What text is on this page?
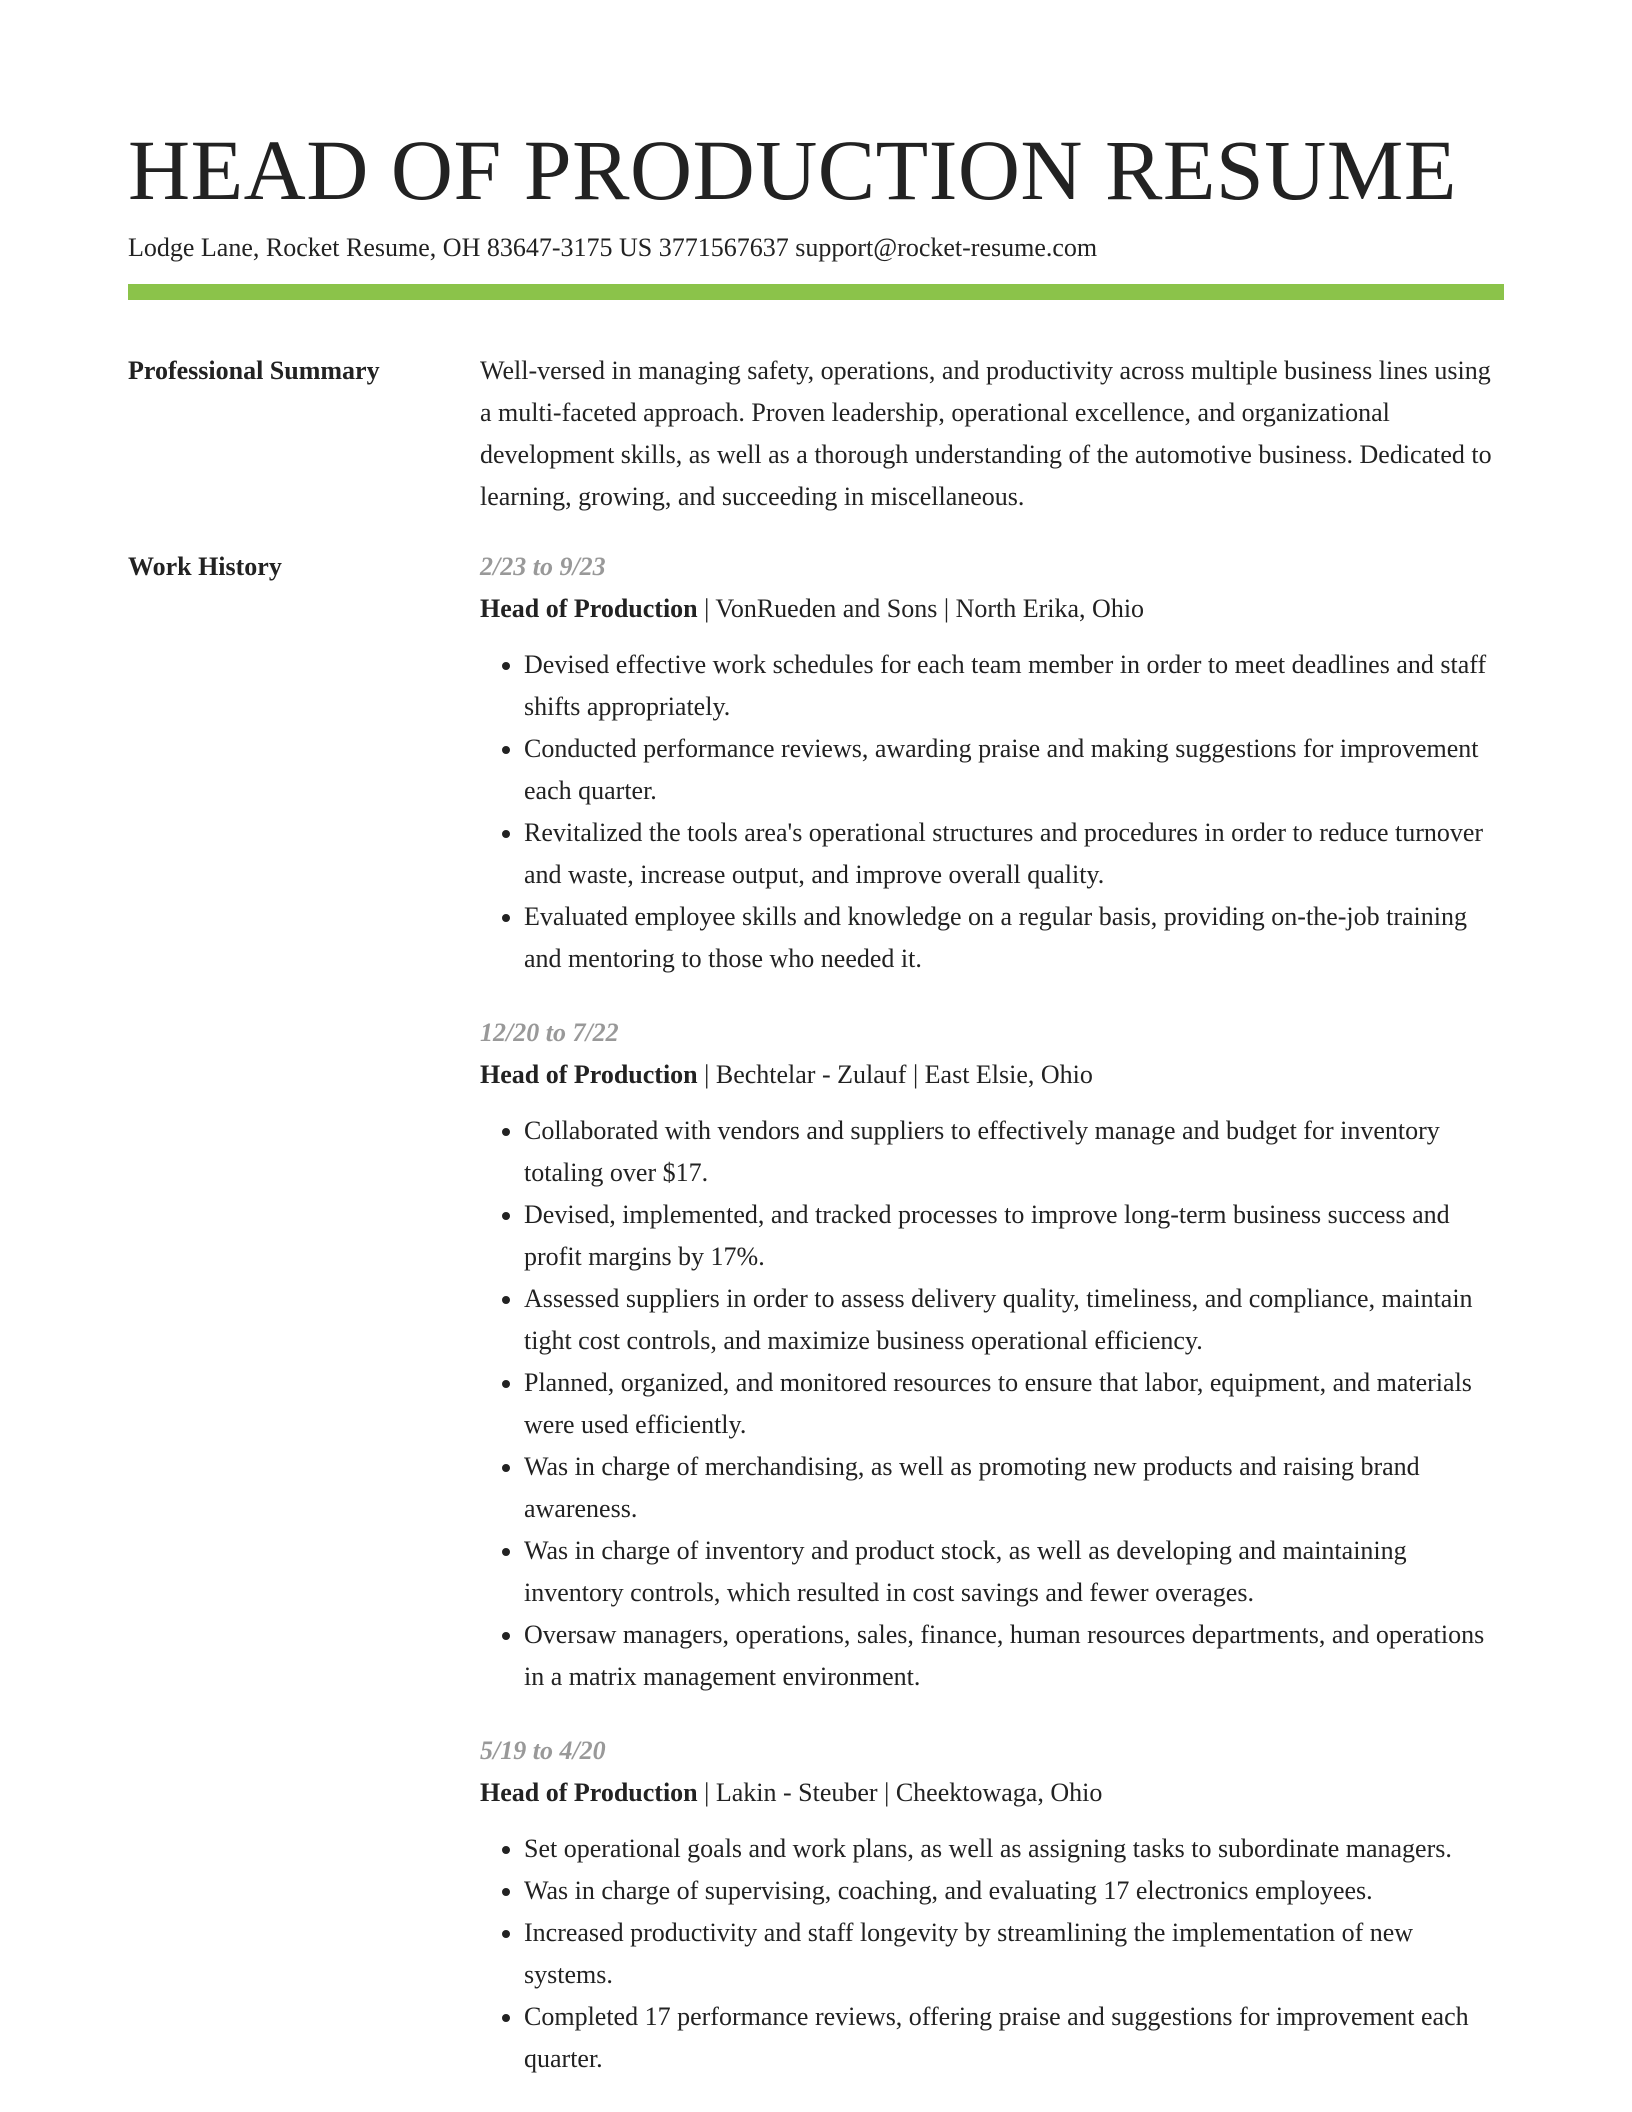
HEAD OF PRODUCTION RESUME
Lodge Lane, Rocket Resume, OH 83647-3175 US 3771567637 support@rocket-resume.com
Professional Summary	Well-versed in managing safety, operations, and productivity across multiple business lines using a multi-faceted approach. Proven leadership, operational excellence, and organizational development skills, as well as a thorough understanding of the automotive business. Dedicated to learning, growing, and succeeding in miscellaneous.
Work History	2/23 to 9/23
Head of Production | VonRueden and Sons | North Erika, Ohio
• Devised effective work schedules for each team member in order to meet deadlines and staff shifts appropriately.
• Conducted performance reviews, awarding praise and making suggestions for improvement each quarter.
• Revitalized the tools area's operational structures and procedures in order to reduce turnover and waste, increase output, and improve overall quality.
• Evaluated employee skills and knowledge on a regular basis, providing on-the-job training and mentoring to those who needed it.
12/20 to 7/22
Head of Production | Bechtelar - Zulauf | East Elsie, Ohio
• Collaborated with vendors and suppliers to effectively manage and budget for inventory totaling over $17.
• Devised, implemented, and tracked processes to improve long-term business success and profit margins by 17%.
• Assessed suppliers in order to assess delivery quality, timeliness, and compliance, maintain tight cost controls, and maximize business operational efficiency.
• Planned, organized, and monitored resources to ensure that labor, equipment, and materials were used efficiently.
• Was in charge of merchandising, as well as promoting new products and raising brand awareness.
• Was in charge of inventory and product stock, as well as developing and maintaining inventory controls, which resulted in cost savings and fewer overages.
• Oversaw managers, operations, sales, finance, human resources departments, and operations in a matrix management environment.
5/19 to 4/20
Head of Production | Lakin - Steuber | Cheektowaga, Ohio
• Set operational goals and work plans, as well as assigning tasks to subordinate managers.
• Was in charge of supervising, coaching, and evaluating 17 electronics employees.
• Increased productivity and staff longevity by streamlining the implementation of new systems.
• Completed 17 performance reviews, offering praise and suggestions for improvement each quarter.
